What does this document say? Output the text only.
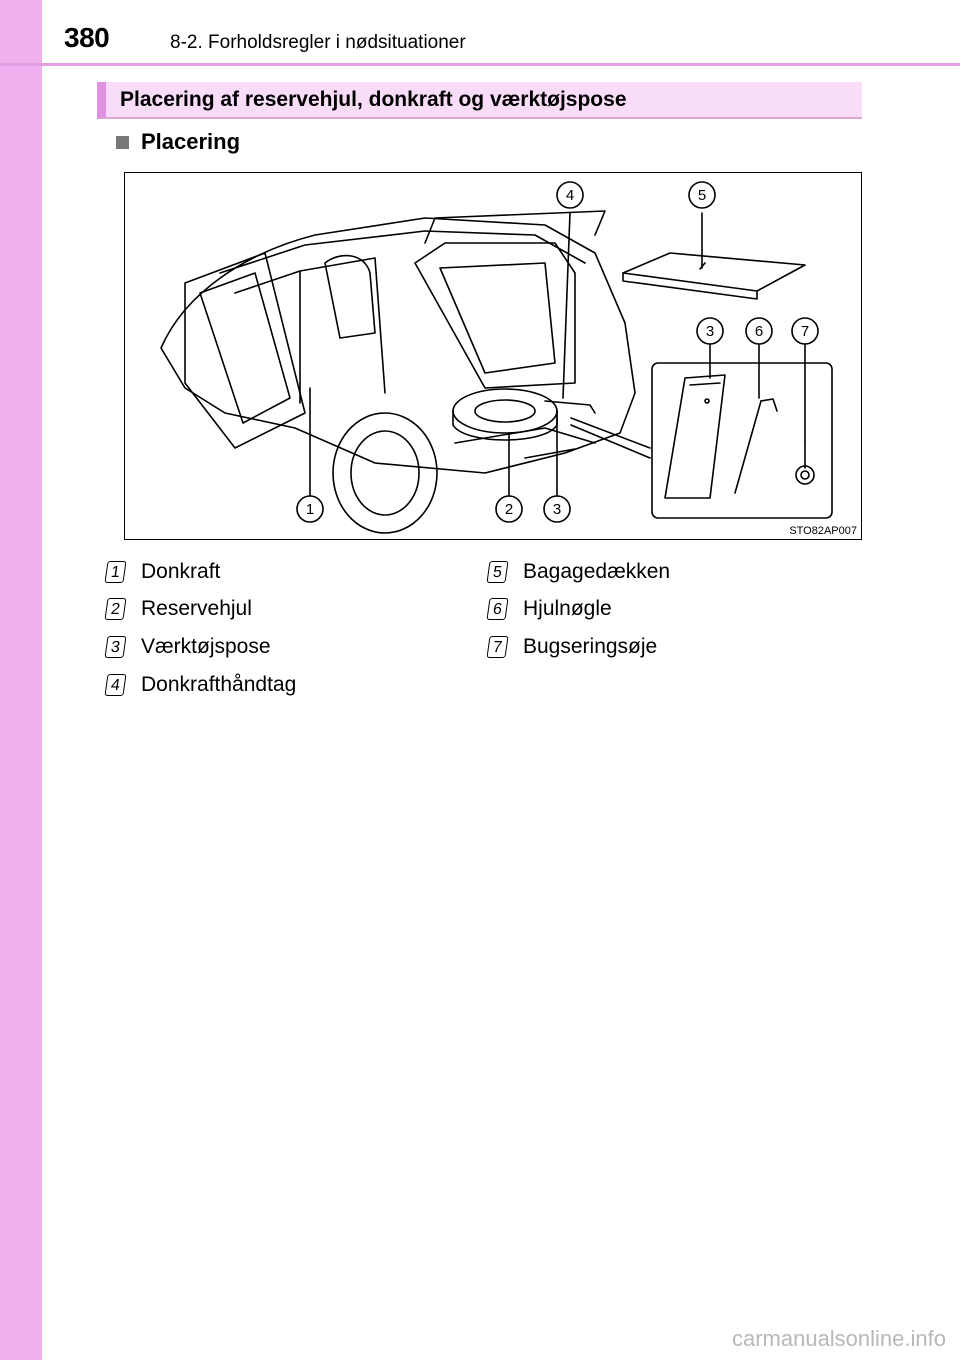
380	8-2. Forholdsregler i nødsituationer
Placering af reservehjul, donkraft og værktøjspose
Placering
4	5
3	6	7
1	2	3
STO82AP007
1 Donkraft
2 Reservehjul
3 Værktøjspose
4 Donkrafthåndtag
5 Bagagedækken
6 Hjulnøgle
7 Bugseringsøje
carmanualsonline.info
